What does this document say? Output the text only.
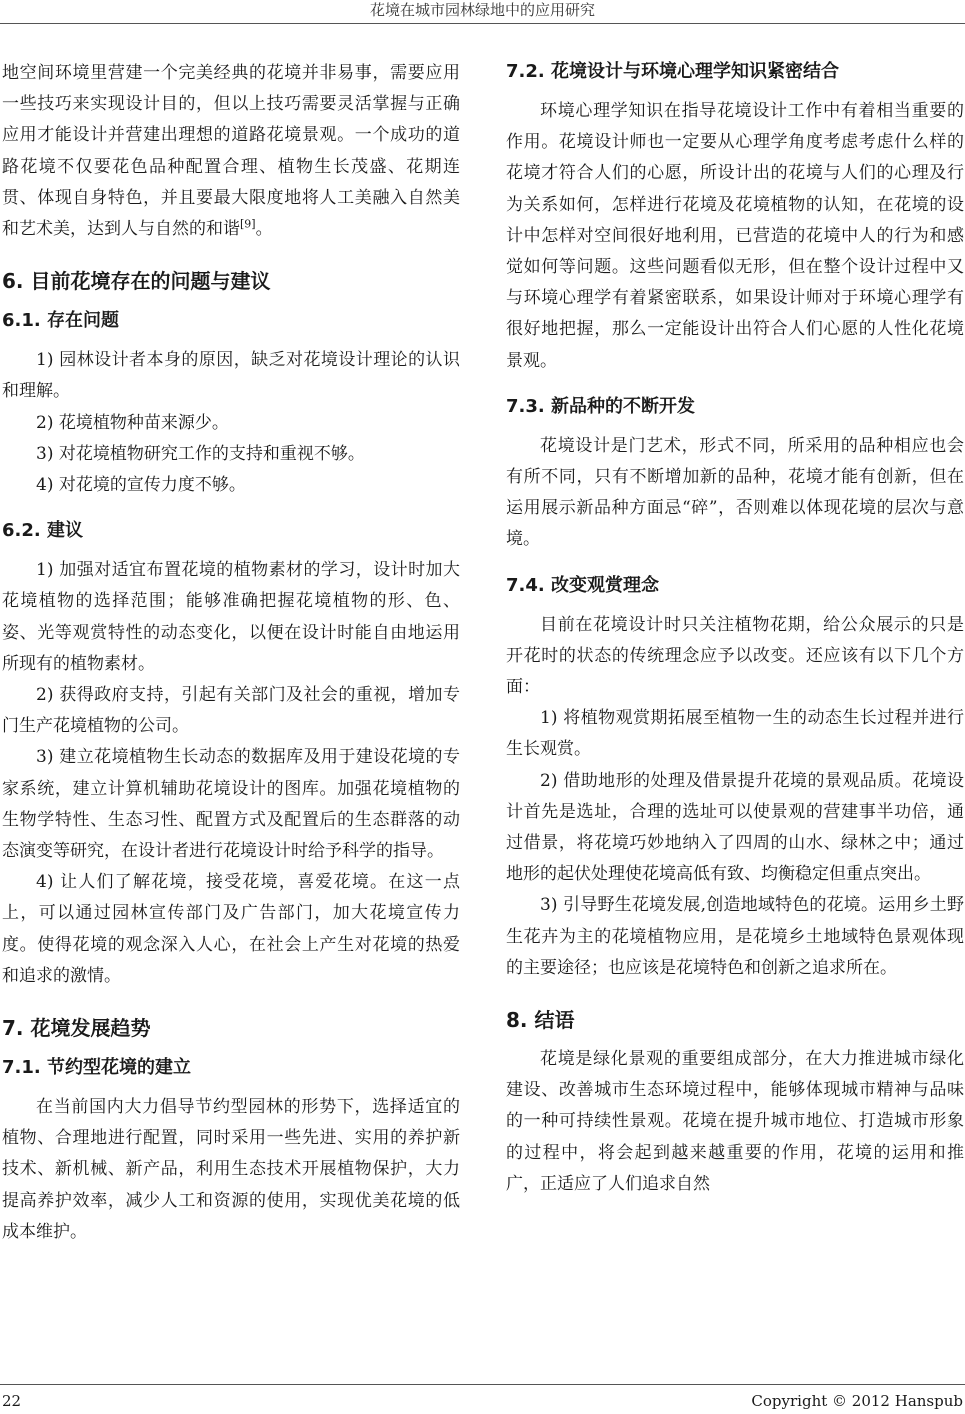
花境在城市园林绿地中的应用研究

地空间环境里营建一个完美经典的花境并非易事，需要应用一些技巧来实现设计目的，但以上技巧需要灵活掌握与正确应用才能设计并营建出理想的道路花境景观。一个成功的道路花境不仅要花色品种配置合理、植物生长茂盛、花期连贯、体现自身特色，并且要最大限度地将人工美融入自然美和艺术美，达到人与自然的和谐[9]。

6. 目前花境存在的问题与建议
6.1. 存在问题

1) 园林设计者本身的原因，缺乏对花境设计理论的认识和理解。

2) 花境植物种苗来源少。

3) 对花境植物研究工作的支持和重视不够。

4) 对花境的宣传力度不够。

6.2. 建议

1) 加强对适宜布置花境的植物素材的学习，设计时加大花境植物的选择范围；能够准确把握花境植物的形、色、姿、光等观赏特性的动态变化，以便在设计时能自由地运用所现有的植物素材。

2) 获得政府支持，引起有关部门及社会的重视，增加专门生产花境植物的公司。

3) 建立花境植物生长动态的数据库及用于建设花境的专家系统，建立计算机辅助花境设计的图库。加强花境植物的生物学特性、生态习性、配置方式及配置后的生态群落的动态演变等研究，在设计者进行花境设计时给予科学的指导。

4) 让人们了解花境，接受花境，喜爱花境。在这一点上，可以通过园林宣传部门及广告部门，加大花境宣传力度。使得花境的观念深入人心，在社会上产生对花境的热爱和追求的激情。

7. 花境发展趋势
7.1. 节约型花境的建立

在当前国内大力倡导节约型园林的形势下，选择适宜的植物、合理地进行配置，同时采用一些先进、实用的养护新技术、新机械、新产品，利用生态技术开展植物保护，大力提高养护效率，减少人工和资源的使用，实现优美花境的低成本维护。

7.2. 花境设计与环境心理学知识紧密结合

环境心理学知识在指导花境设计工作中有着相当重要的作用。花境设计师也一定要从心理学角度考虑考虑什么样的花境才符合人们的心愿，所设计出的花境与人们的心理及行为关系如何，怎样进行花境及花境植物的认知，在花境的设计中怎样对空间很好地利用，已营造的花境中人的行为和感觉如何等问题。这些问题看似无形，但在整个设计过程中又与环境心理学有着紧密联系，如果设计师对于环境心理学有很好地把握，那么一定能设计出符合人们心愿的人性化花境景观。

7.3. 新品种的不断开发

花境设计是门艺术，形式不同，所采用的品种相应也会有所不同，只有不断增加新的品种，花境才能有创新，但在运用展示新品种方面忌“碎”，否则难以体现花境的层次与意境。

7.4. 改变观赏理念

目前在花境设计时只关注植物花期，给公众展示的只是开花时的状态的传统理念应予以改变。还应该有以下几个方面：

1) 将植物观赏期拓展至植物一生的动态生长过程并进行生长观赏。

2) 借助地形的处理及借景提升花境的景观品质。花境设计首先是选址，合理的选址可以使景观的营建事半功倍，通过借景，将花境巧妙地纳入了四周的山水、绿林之中；通过地形的起伏处理使花境高低有致、均衡稳定但重点突出。

3) 引导野生花境发展,创造地域特色的花境。运用乡土野生花卉为主的花境植物应用，是花境乡土地域特色景观体现的主要途径；也应该是花境特色和创新之追求所在。

8. 结语

花境是绿化景观的重要组成部分，在大力推进城市绿化建设、改善城市生态环境过程中，能够体现城市精神与品味的一种可持续性景观。花境在提升城市地位、打造城市形象的过程中，将会起到越来越重要的作用，花境的运用和推广，正适应了人们追求自然

22	Copyright © 2012 Hanspub
